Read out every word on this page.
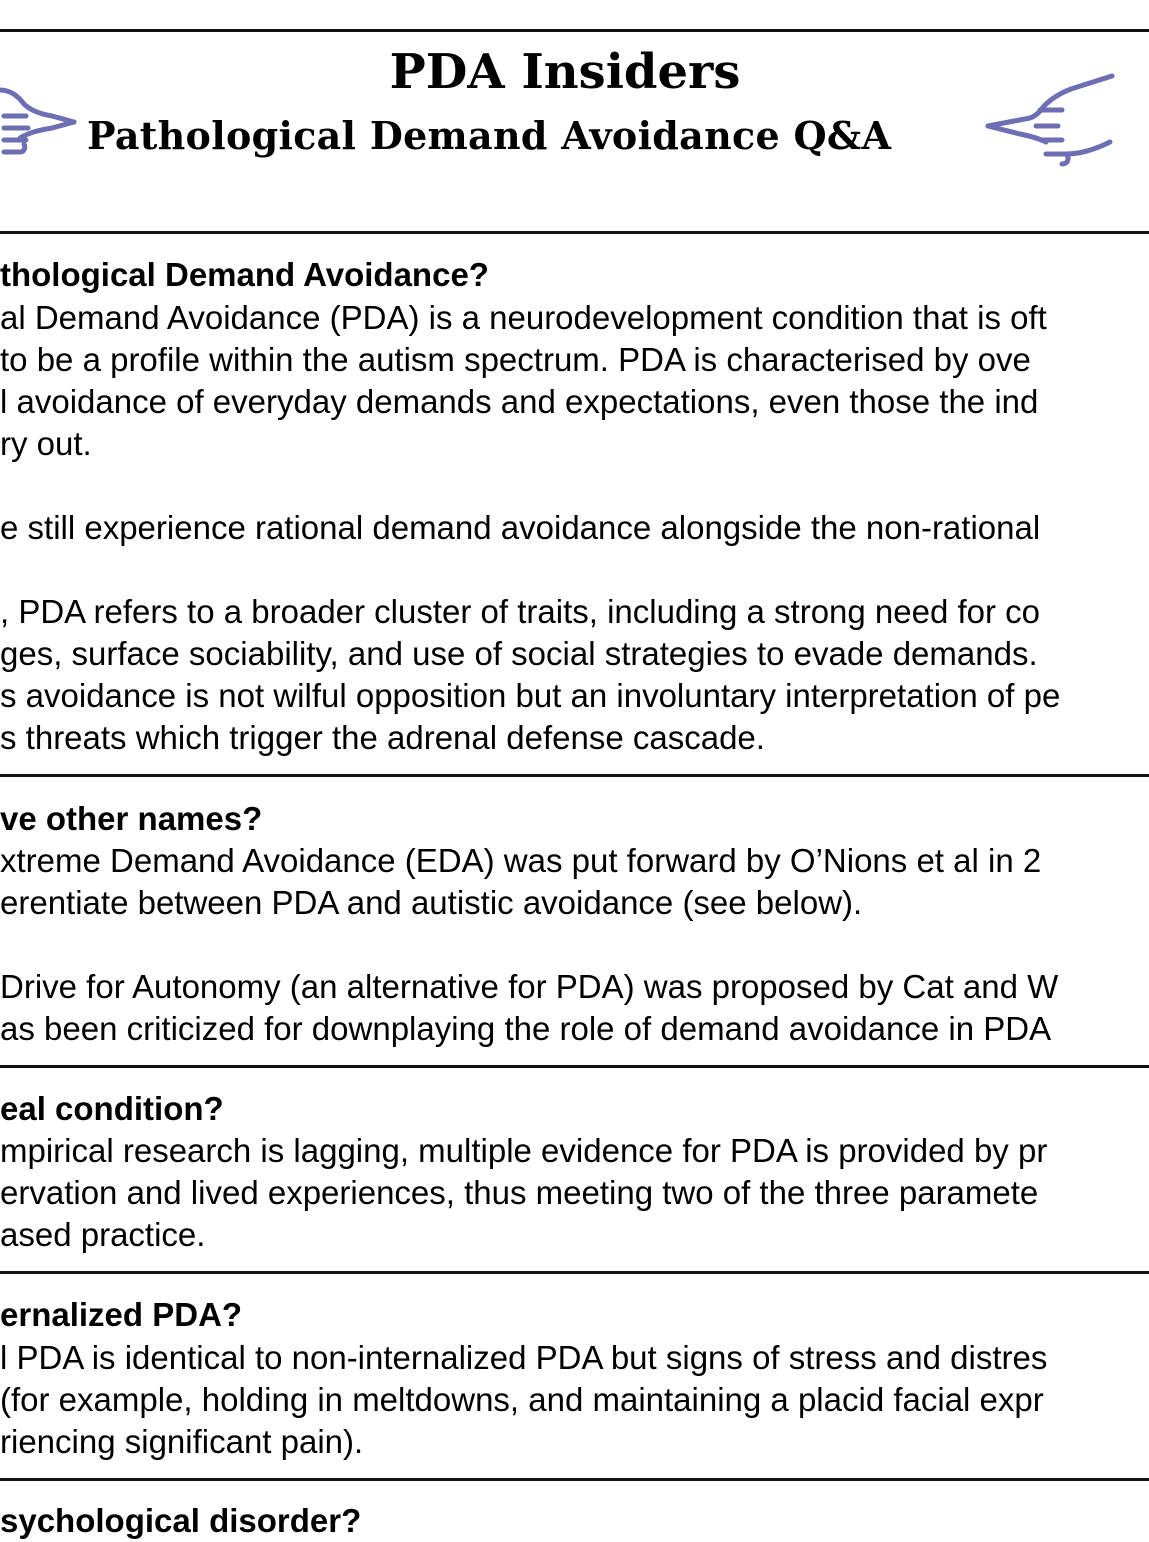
PDA Insiders
Pathological Demand Avoidance Q&A
thological Demand Avoidance?
al Demand Avoidance (PDA) is a neurodevelopment condition that is oft
to be a profile within the autism spectrum. PDA is characterised by ove
l avoidance of everyday demands and expectations, even those the ind
ry out.
e still experience rational demand avoidance alongside the non-rational
, PDA refers to a broader cluster of traits, including a strong need for co
ges, surface sociability, and use of social strategies to evade demands.
s avoidance is not wilful opposition but an involuntary interpretation of pe
s threats which trigger the adrenal defense cascade.
ve other names?
xtreme Demand Avoidance (EDA) was put forward by O’Nions et al in 2
erentiate between PDA and autistic avoidance (see below).
Drive for Autonomy (an alternative for PDA) was proposed by Cat and W
as been criticized for downplaying the role of demand avoidance in PDA
eal condition?
mpirical research is lagging, multiple evidence for PDA is provided by pr
ervation and lived experiences, thus meeting two of the three paramete
ased practice.
ernalized PDA?
l PDA is identical to non-internalized PDA but signs of stress and distres
(for example, holding in meltdowns, and maintaining a placid facial expr
riencing significant pain).
sychological disorder?
